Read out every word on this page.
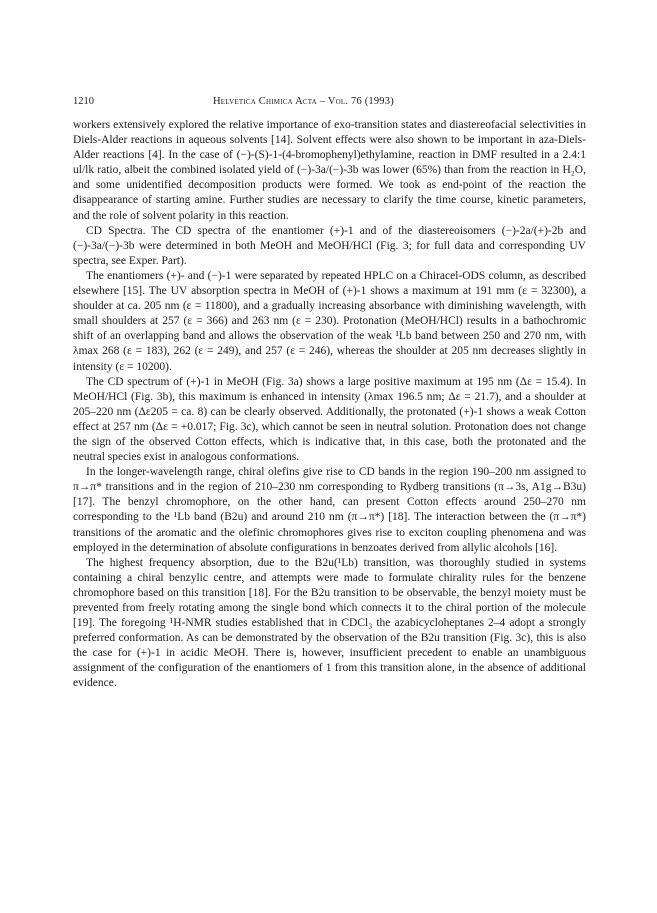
1210	Helvetica Chimica Acta – Vol. 76 (1993)

workers extensively explored the relative importance of exo-transition states and diastereofacial selectivities in Diels-Alder reactions in aqueous solvents [14]. Solvent effects were also shown to be important in aza-Diels-Alder reactions [4]. In the case of (−)-(S)-1-(4-bromophenyl)ethylamine, reaction in DMF resulted in a 2.4:1 ul/lk ratio, albeit the combined isolated yield of (−)-3a/(−)-3b was lower (65%) than from the reaction in H₂O, and some unidentified decomposition products were formed. We took as end-point of the reaction the disappearance of starting amine. Further studies are necessary to clarify the time course, kinetic parameters, and the role of solvent polarity in this reaction.

CD Spectra. The CD spectra of the enantiomer (+)-1 and of the diastereoisomers (−)-2a/(+)-2b and (−)-3a/(−)-3b were determined in both MeOH and MeOH/HCl (Fig. 3; for full data and corresponding UV spectra, see Exper. Part).

The enantiomers (+)- and (−)-1 were separated by repeated HPLC on a Chiracel-ODS column, as described elsewhere [15]. The UV absorption spectra in MeOH of (+)-1 shows a maximum at 191 mm (ε = 32300), a shoulder at ca. 205 nm (ε = 11800), and a gradually increasing absorbance with diminishing wavelength, with small shoulders at 257 (ε = 366) and 263 nm (ε = 230). Protonation (MeOH/HCl) results in a bathochromic shift of an overlapping band and allows the observation of the weak ¹Lb band between 250 and 270 nm, with λmax 268 (ε = 183), 262 (ε = 249), and 257 (ε = 246), whereas the shoulder at 205 nm decreases slightly in intensity (ε = 10200).

The CD spectrum of (+)-1 in MeOH (Fig. 3a) shows a large positive maximum at 195 nm (Δε = 15.4). In MeOH/HCl (Fig. 3b), this maximum is enhanced in intensity (λmax 196.5 nm; Δε = 21.7), and a shoulder at 205–220 nm (Δε205 = ca. 8) can be clearly observed. Additionally, the protonated (+)-1 shows a weak Cotton effect at 257 nm (Δε = +0.017; Fig. 3c), which cannot be seen in neutral solution. Protonation does not change the sign of the observed Cotton effects, which is indicative that, in this case, both the protonated and the neutral species exist in analogous conformations.

In the longer-wavelength range, chiral olefins give rise to CD bands in the region 190–200 nm assigned to π→π* transitions and in the region of 210–230 nm corresponding to Rydberg transitions (π→3s, A1g→B3u) [17]. The benzyl chromophore, on the other hand, can present Cotton effects around 250–270 nm corresponding to the ¹Lb band (B2u) and around 210 nm (π→π*) [18]. The interaction between the (π→π*) transitions of the aromatic and the olefinic chromophores gives rise to exciton coupling phenomena and was employed in the determination of absolute configurations in benzoates derived from allylic alcohols [16].

The highest frequency absorption, due to the B2u(¹Lb) transition, was thoroughly studied in systems containing a chiral benzylic centre, and attempts were made to formulate chirality rules for the benzene chromophore based on this transition [18]. For the B2u transition to be observable, the benzyl moiety must be prevented from freely rotating among the single bond which connects it to the chiral portion of the molecule [19]. The foregoing ¹H-NMR studies established that in CDCl₃ the azabicycloheptanes 2–4 adopt a strongly preferred conformation. As can be demonstrated by the observation of the B2u transition (Fig. 3c), this is also the case for (+)-1 in acidic MeOH. There is, however, insufficient precedent to enable an unambiguous assignment of the configuration of the enantiomers of 1 from this transition alone, in the absence of additional evidence.
